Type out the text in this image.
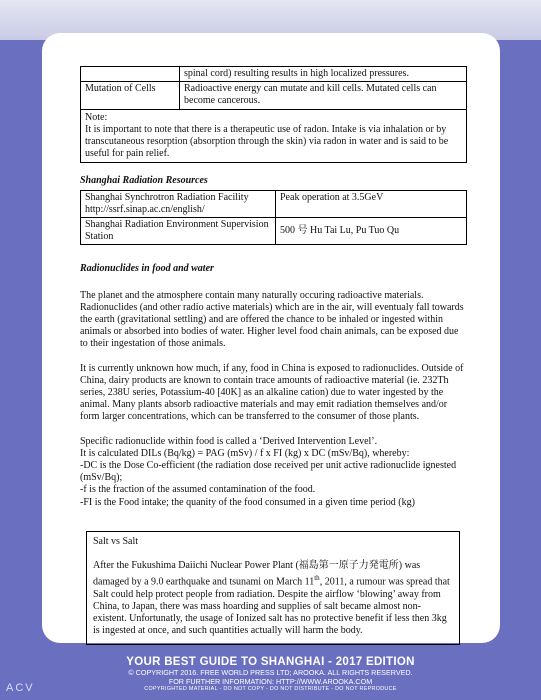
	spinal cord) resulting results in high localized pressures.
Mutation of Cells	Radioactive energy can mutate and kill cells. Mutated cells can become cancerous.

Note:
It is important to note that there is a therapeutic use of radon. Intake is via inhalation or by transcutaneous resorption (absorption through the skin) via radon in water and is said to be useful for pain relief.	
Shanghai Radiation Resources
Shanghai Synchrotron Radiation Facility http://ssrf.sinap.ac.cn/english/	Peak operation at 3.5GeV
Shanghai Radiation Environment Supervision Station	500 号 Hu Tai Lu, Pu Tuo Qu
Radionuclides in food and water

The planet and the atmosphere contain many naturally occuring radioactive materials. Radionuclides (and other radio active materials) which are in the air, will eventualy fall towards the earth (gravitational settling) and are offered the chance to be inhaled or ingested within animals or absorbed into bodies of water. Higher level food chain animals, can be exposed due to their ingestation of those animals.

It is currently unknown how much, if any, food in China is exposed to radionuclides. Outside of China, dairy products are known to contain trace amounts of radioactive material (ie. 232Th series, 238U series, Potassium-40 [40K] as an alkaline cation) due to water ingested by the animal. Many plants absorb radioactive materials and may emit radiation themselves and/or form larger concentrations, which can be transferred to the consumer of those plants.

Specific radionuclide within food is called a ‘Derived Intervention Level’.
It is calculated DILs (Bq/kg) = PAG (mSv) / f x FI (kg) x DC (mSv/Bq), whereby:
-DC is the Dose Co-efficient (the radiation dose received per unit active radionuclide ignested (mSv/Bq);
-f is the fraction of the assumed contamination of the food.
-FI is the Food intake; the quanity of the food consumed in a given time period (kg)
Salt vs Salt
After the Fukushima Daiichi Nuclear Power Plant (福島第一原子力発電所) was damaged by a 9.0 earthquake and tsunami on March 11th, 2011, a rumour was spread that Salt could help protect people from radiation. Despite the airflow ‘blowing’ away from China, to Japan, there was mass hoarding and supplies of salt became almost non-existent. Unfortunatly, the usage of Ionized salt has no protective benefit if less then 3kg is ingested at once, and such quantities actually will harm the body.
YOUR BEST GUIDE TO SHANGHAI - 2017 EDITION
© COPYRIGHT 2016. FREE WORLD PRESS LTD; AROOKA. ALL RIGHTS RESERVED.
FOR FURTHER INFORMATION: HTTP://WWW.AROOKA.COM
COPYRIGHTED MATERIAL - DO NOT COPY - DO NOT DISTRIBUTE - DO NOT REPRODUCE
ACV
